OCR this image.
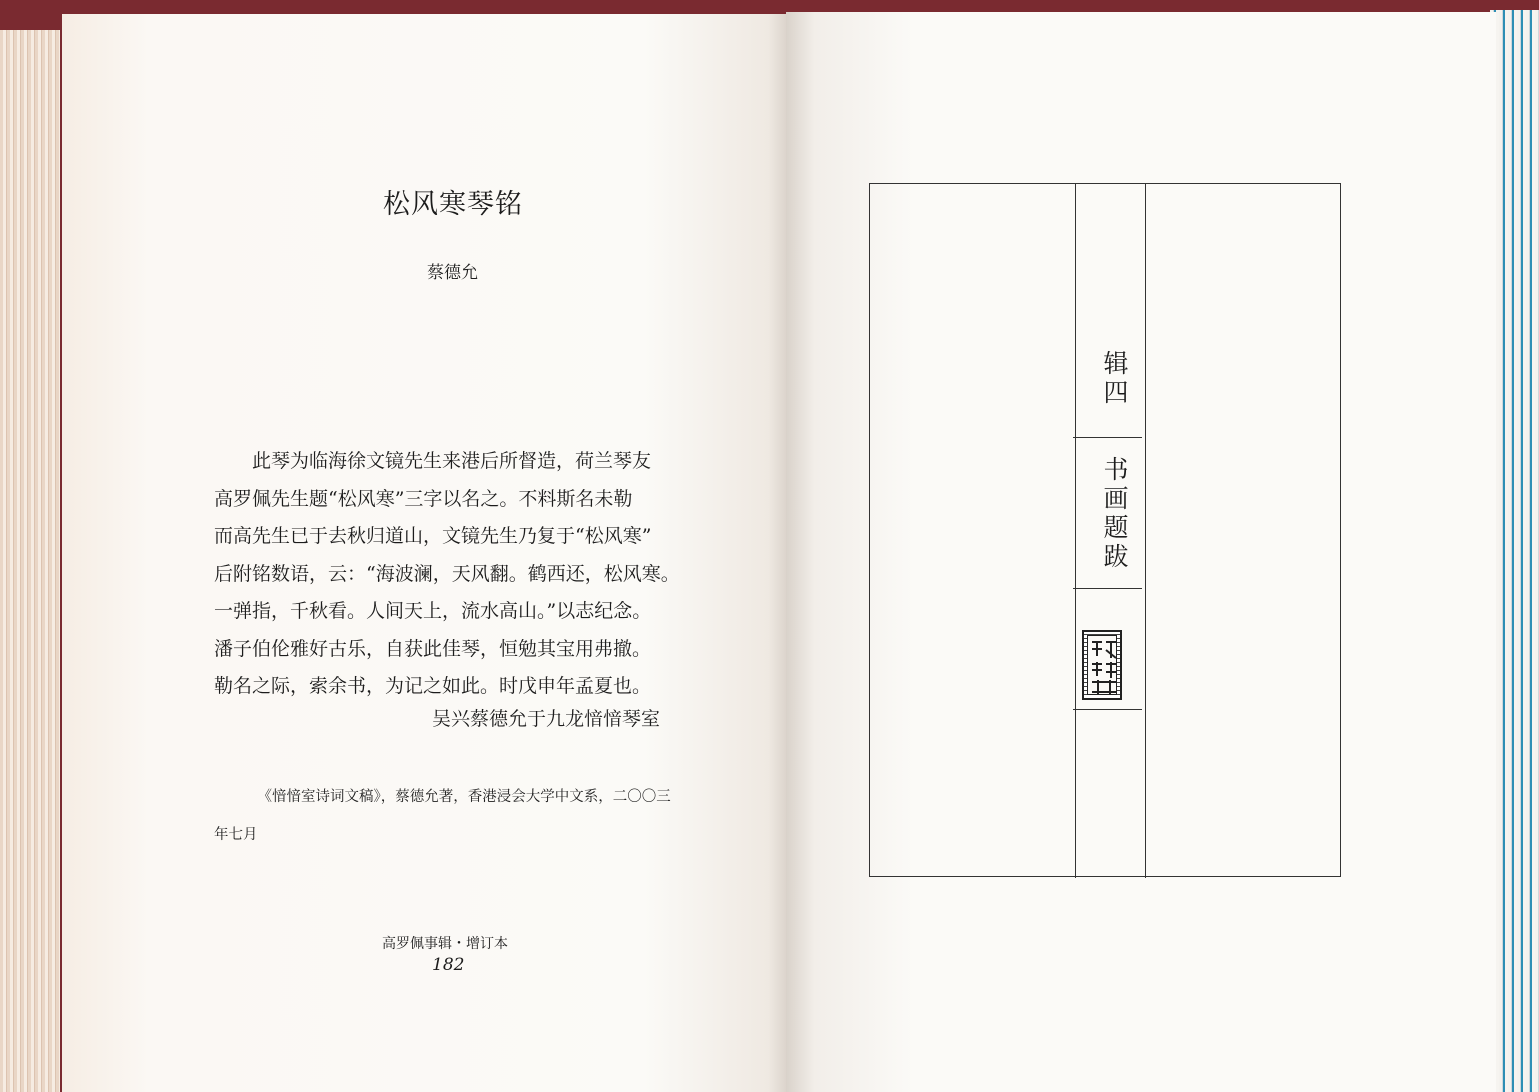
松风寒琴铭
蔡德允

此琴为临海徐文镜先生来港后所督造，荷兰琴友

高罗佩先生题“松风寒”三字以名之。不料斯名未勒

而高先生已于去秋归道山，文镜先生乃复于“松风寒”

后附铭数语，云：“海波澜，天风翻。鹤西还，松风寒。

一弹指，千秋看。人间天上，流水高山。”以志纪念。

潘子伯伦雅好古乐，自获此佳琴，恒勉其宝用弗撤。

勒名之际，索余书，为记之如此。时戊申年孟夏也。

吴兴蔡德允于九龙愔愔琴室
《愔愔室诗词文稿》，蔡德允著，香港浸会大学中文系，二〇〇三
年七月
高罗佩事辑・增订本
182
辑四
书画题跋
